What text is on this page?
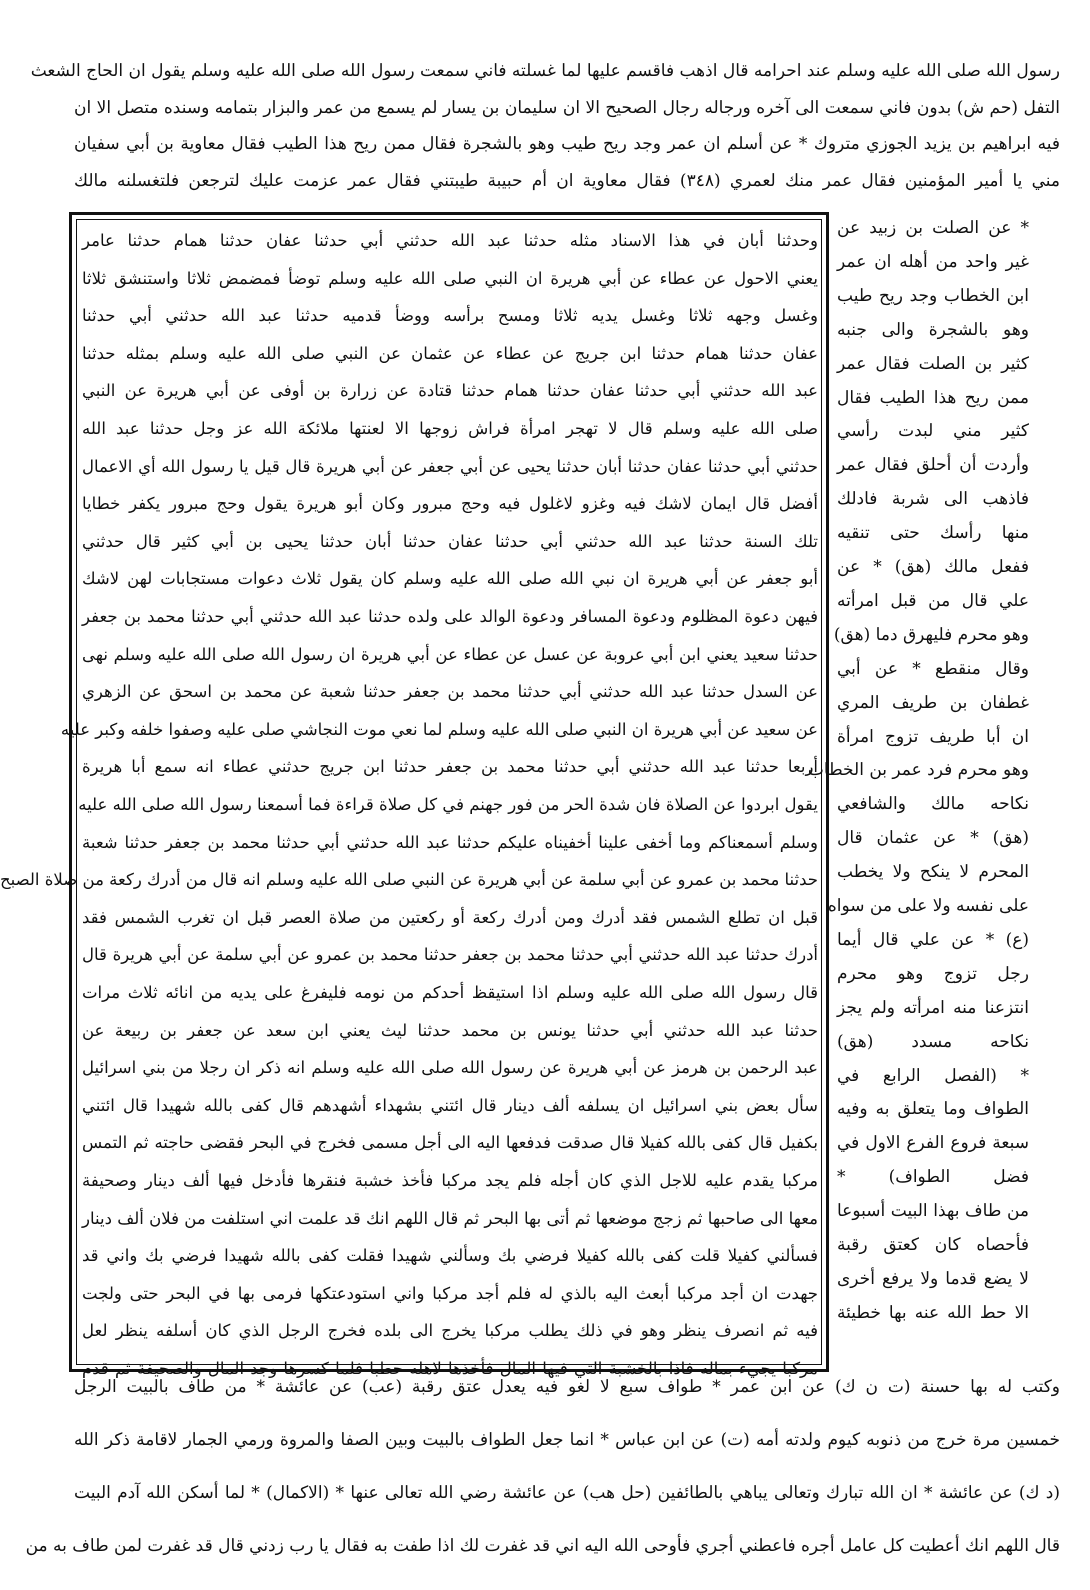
رسول الله صلى الله عليه وسلم عند احرامه قال اذهب فاقسم عليها لما غسلته فاني سمعت رسول الله صلى الله عليه وسلم يقول ان الحاج الشعث
التفل (حم ش) بدون فاني سمعت الى آخره ورجاله رجال الصحيح الا ان سليمان بن يسار لم يسمع من عمر والبزار بتمامه وسنده متصل الا ان
فيه ابراهيم بن يزيد الجوزي متروك * عن أسلم ان عمر وجد ريح طيب وهو بالشجرة فقال ممن ريح هذا الطيب فقال معاوية بن أبي سفيان
مني يا أمير المؤمنين فقال عمر منك لعمري (٣٤٨) فقال معاوية ان أم حبيبة طيبتني فقال عمر عزمت عليك لترجعن فلتغسلنه مالك
وحدثنا أبان في هذا الاسناد مثله حدثنا عبد الله حدثني أبي حدثنا عفان حدثنا همام حدثنا عامر
يعني الاحول عن عطاء عن أبي هريرة ان النبي صلى الله عليه وسلم توضأ فمضمض ثلاثا واستنشق ثلاثا
وغسل وجهه ثلاثا وغسل يديه ثلاثا ومسح برأسه ووضأ قدميه حدثنا عبد الله حدثني أبي حدثنا
عفان حدثنا همام حدثنا ابن جريج عن عطاء عن عثمان عن النبي صلى الله عليه وسلم بمثله حدثنا
عبد الله حدثني أبي حدثنا عفان حدثنا همام حدثنا قتادة عن زرارة بن أوفى عن أبي هريرة عن النبي
صلى الله عليه وسلم قال لا تهجر امرأة فراش زوجها الا لعنتها ملائكة الله عز وجل حدثنا عبد الله
حدثني أبي حدثنا عفان حدثنا أبان حدثنا يحيى عن أبي جعفر عن أبي هريرة قال قيل يا رسول الله أي الاعمال
أفضل قال ايمان لاشك فيه وغزو لاغلول فيه وحج مبرور وكان أبو هريرة يقول وحج مبرور يكفر خطايا
تلك السنة حدثنا عبد الله حدثني أبي حدثنا عفان حدثنا أبان حدثنا يحيى بن أبي كثير قال حدثني
أبو جعفر عن أبي هريرة ان نبي الله صلى الله عليه وسلم كان يقول ثلاث دعوات مستجابات لهن لاشك
فيهن دعوة المظلوم ودعوة المسافر ودعوة الوالد على ولده حدثنا عبد الله حدثني أبي حدثنا محمد بن جعفر
حدثنا سعيد يعني ابن أبي عروبة عن عسل عن عطاء عن أبي هريرة ان رسول الله صلى الله عليه وسلم نهى
عن السدل حدثنا عبد الله حدثني أبي حدثنا محمد بن جعفر حدثنا شعبة عن محمد بن اسحق عن الزهري
عن سعيد عن أبي هريرة ان النبي صلى الله عليه وسلم لما نعي موت النجاشي صلى عليه وصفوا خلفه وكبر عليه
أربعا حدثنا عبد الله حدثني أبي حدثنا محمد بن جعفر حدثنا ابن جريج حدثني عطاء انه سمع أبا هريرة
يقول ابردوا عن الصلاة فان شدة الحر من فور جهنم في كل صلاة قراءة فما أسمعنا رسول الله صلى الله عليه
وسلم أسمعناكم وما أخفى علينا أخفيناه عليكم حدثنا عبد الله حدثني أبي حدثنا محمد بن جعفر حدثنا شعبة
حدثنا محمد بن عمرو عن أبي سلمة عن أبي هريرة عن النبي صلى الله عليه وسلم انه قال من أدرك ركعة من صلاة الصبح
قبل ان تطلع الشمس فقد أدرك ومن أدرك ركعة أو ركعتين من صلاة العصر قبل ان تغرب الشمس فقد
أدرك حدثنا عبد الله حدثني أبي حدثنا محمد بن جعفر حدثنا محمد بن عمرو عن أبي سلمة عن أبي هريرة قال
قال رسول الله صلى الله عليه وسلم اذا استيقظ أحدكم من نومه فليفرغ على يديه من انائه ثلاث مرات
حدثنا عبد الله حدثني أبي حدثنا يونس بن محمد حدثنا ليث يعني ابن سعد عن جعفر بن ربيعة عن
عبد الرحمن بن هرمز عن أبي هريرة عن رسول الله صلى الله عليه وسلم انه ذكر ان رجلا من بني اسرائيل
سأل بعض بني اسرائيل ان يسلفه ألف دينار قال ائتني بشهداء أشهدهم قال كفى بالله شهيدا قال ائتني
بكفيل قال كفى بالله كفيلا قال صدقت فدفعها اليه الى أجل مسمى فخرج في البحر فقضى حاجته ثم التمس
مركبا يقدم عليه للاجل الذي كان أجله فلم يجد مركبا فأخذ خشبة فنقرها فأدخل فيها ألف دينار وصحيفة
معها الى صاحبها ثم زجج موضعها ثم أتى بها البحر ثم قال اللهم انك قد علمت اني استلفت من فلان ألف دينار
فسألني كفيلا قلت كفى بالله كفيلا فرضي بك وسألني شهيدا فقلت كفى بالله شهيدا فرضي بك واني قد
جهدت ان أجد مركبا أبعث اليه بالذي له فلم أجد مركبا واني استودعتكها فرمى بها في البحر حتى ولجت
فيه ثم انصرف ينظر وهو في ذلك يطلب مركبا يخرج الى بلده فخرج الرجل الذي كان أسلفه ينظر لعل
مركبا يجيء بماله فاذا بالخشبة التي فيها المال فأخذها لاهله حطبا فلما كسرها وجد المال والصحيفة ثم قدم
* عن الصلت بن زبيد عن
غير واحد من أهله ان عمر
ابن الخطاب وجد ريح طيب
وهو بالشجرة والى جنبه
كثير بن الصلت فقال عمر
ممن ريح هذا الطيب فقال
كثير مني لبدت رأسي
وأردت أن أحلق فقال عمر
فاذهب الى شربة فادلك
منها رأسك حتى تنقيه
ففعل مالك (هق) * عن
علي قال من قبل امرأته
وهو محرم فليهرق دما (هق)
وقال منقطع * عن أبي
غطفان بن طريف المري
ان أبا طريف تزوج امرأة
وهو محرم فرد عمر بن الخطاب
نكاحه مالك والشافعي
(هق) * عن عثمان قال
المحرم لا ينكح ولا يخطب
على نفسه ولا على من سواه
(ع) * عن علي قال أيما
رجل تزوج وهو محرم
انتزعنا منه امرأته ولم يجز
نكاحه مسدد (هق)
* (الفصل الرابع في
الطواف وما يتعلق به وفيه
سبعة فروع الفرع الاول في
فضل الطواف) *
من طاف بهذا البيت أسبوعا
فأحصاه كان كعتق رقبة
لا يضع قدما ولا يرفع أخرى
الا حط الله عنه بها خطيئة
وكتب له بها حسنة (ت ن ك) عن ابن عمر * طواف سبع لا لغو فيه يعدل عتق رقبة (عب) عن عائشة * من طاف بالبيت الرجل
خمسين مرة خرج من ذنوبه كيوم ولدته أمه (ت) عن ابن عباس * انما جعل الطواف بالبيت وبين الصفا والمروة ورمي الجمار لاقامة ذكر الله
(د ك) عن عائشة * ان الله تبارك وتعالى يباهي بالطائفين (حل هب) عن عائشة رضي الله تعالى عنها * (الاكمال) * لما أسكن الله آدم البيت
قال اللهم انك أعطيت كل عامل أجره فاعطني أجري فأوحى الله اليه اني قد غفرت لك اذا طفت به فقال يا رب زدني قال قد غفرت لمن طاف به من
